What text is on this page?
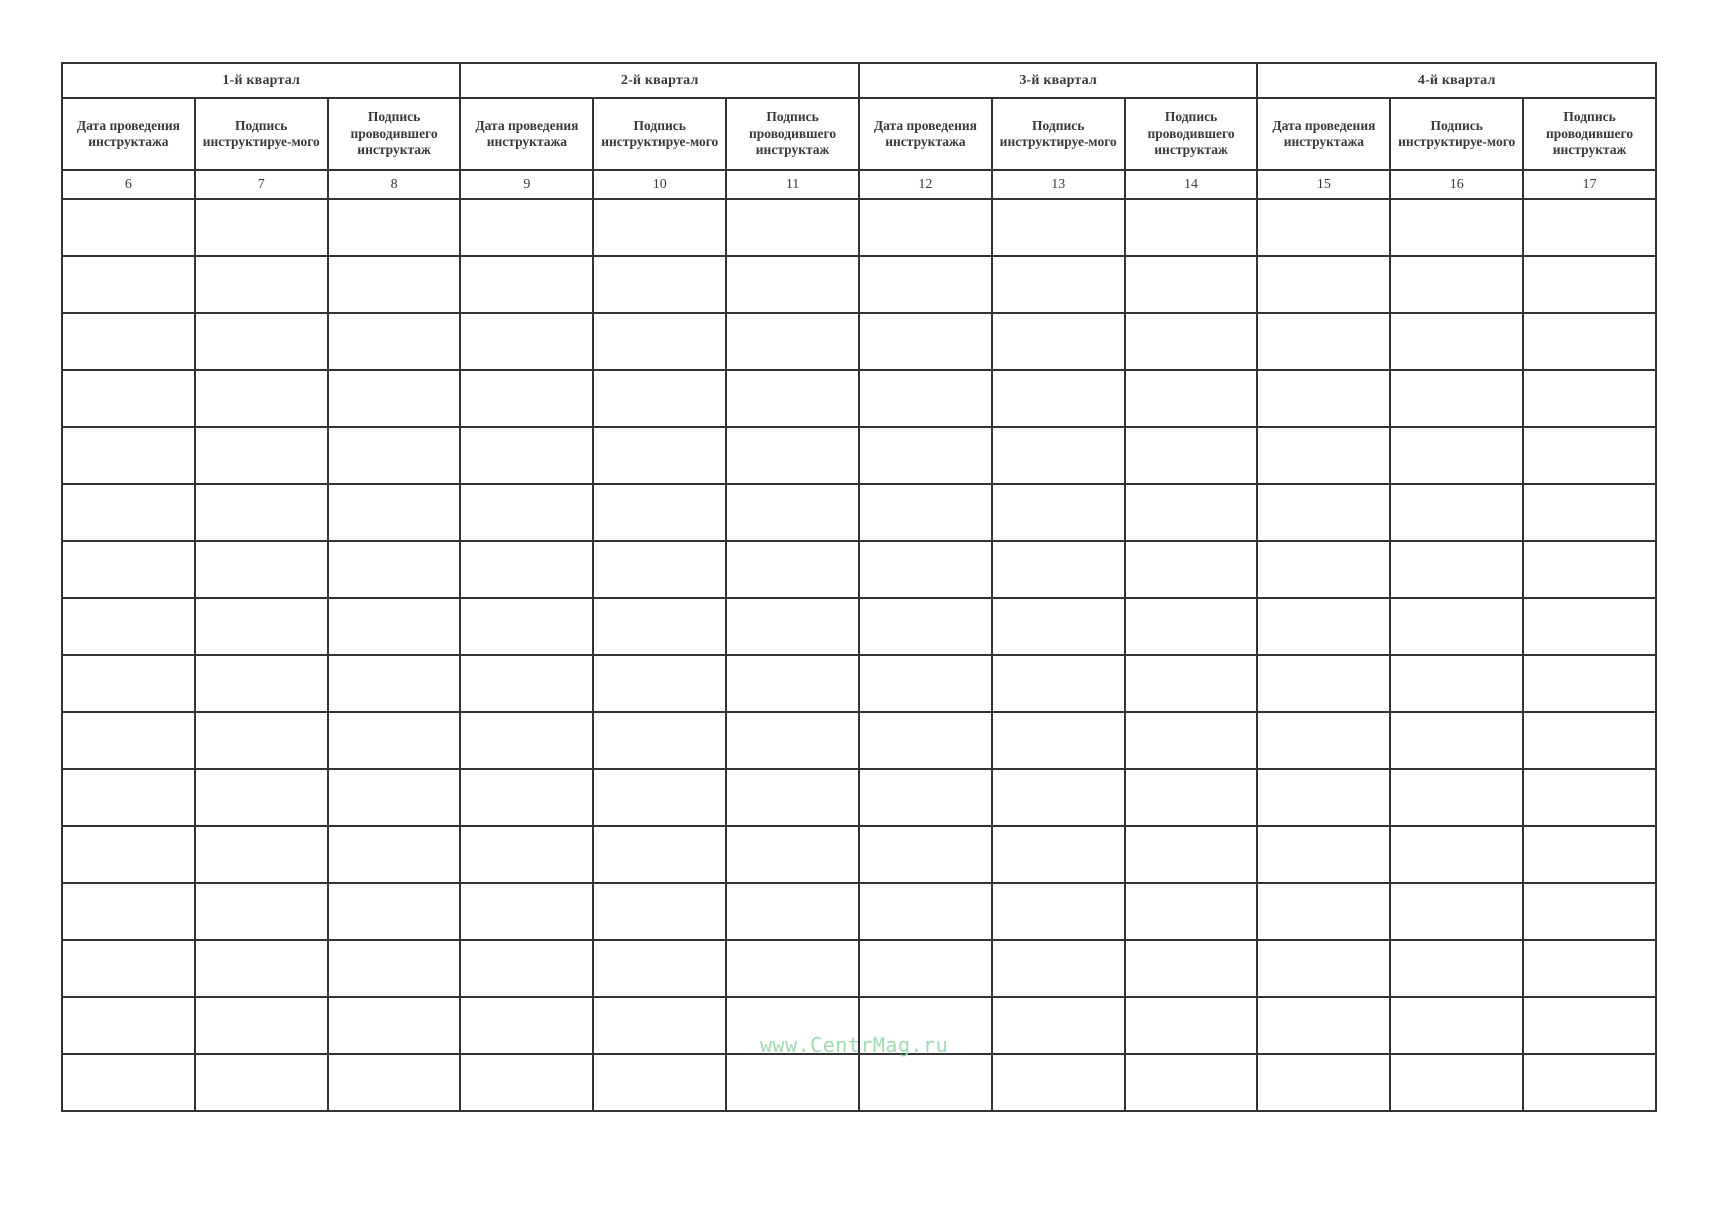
1-й квартал			2-й квартал			3-й квартал			4-й квартал		
Дата проведения инструктажа	Подпись инструктируе-мого	Подпись проводившего инструктаж	Дата проведения инструктажа	Подпись инструктируе-мого	Подпись проводившего инструктаж	Дата проведения инструктажа	Подпись инструктируе-мого	Подпись проводившего инструктаж	Дата проведения инструктажа	Подпись инструктируе-мого	Подпись проводившего инструктаж
6	7	8	9	10	11	12	13	14	15	16	17

www.CentrMag.ru
